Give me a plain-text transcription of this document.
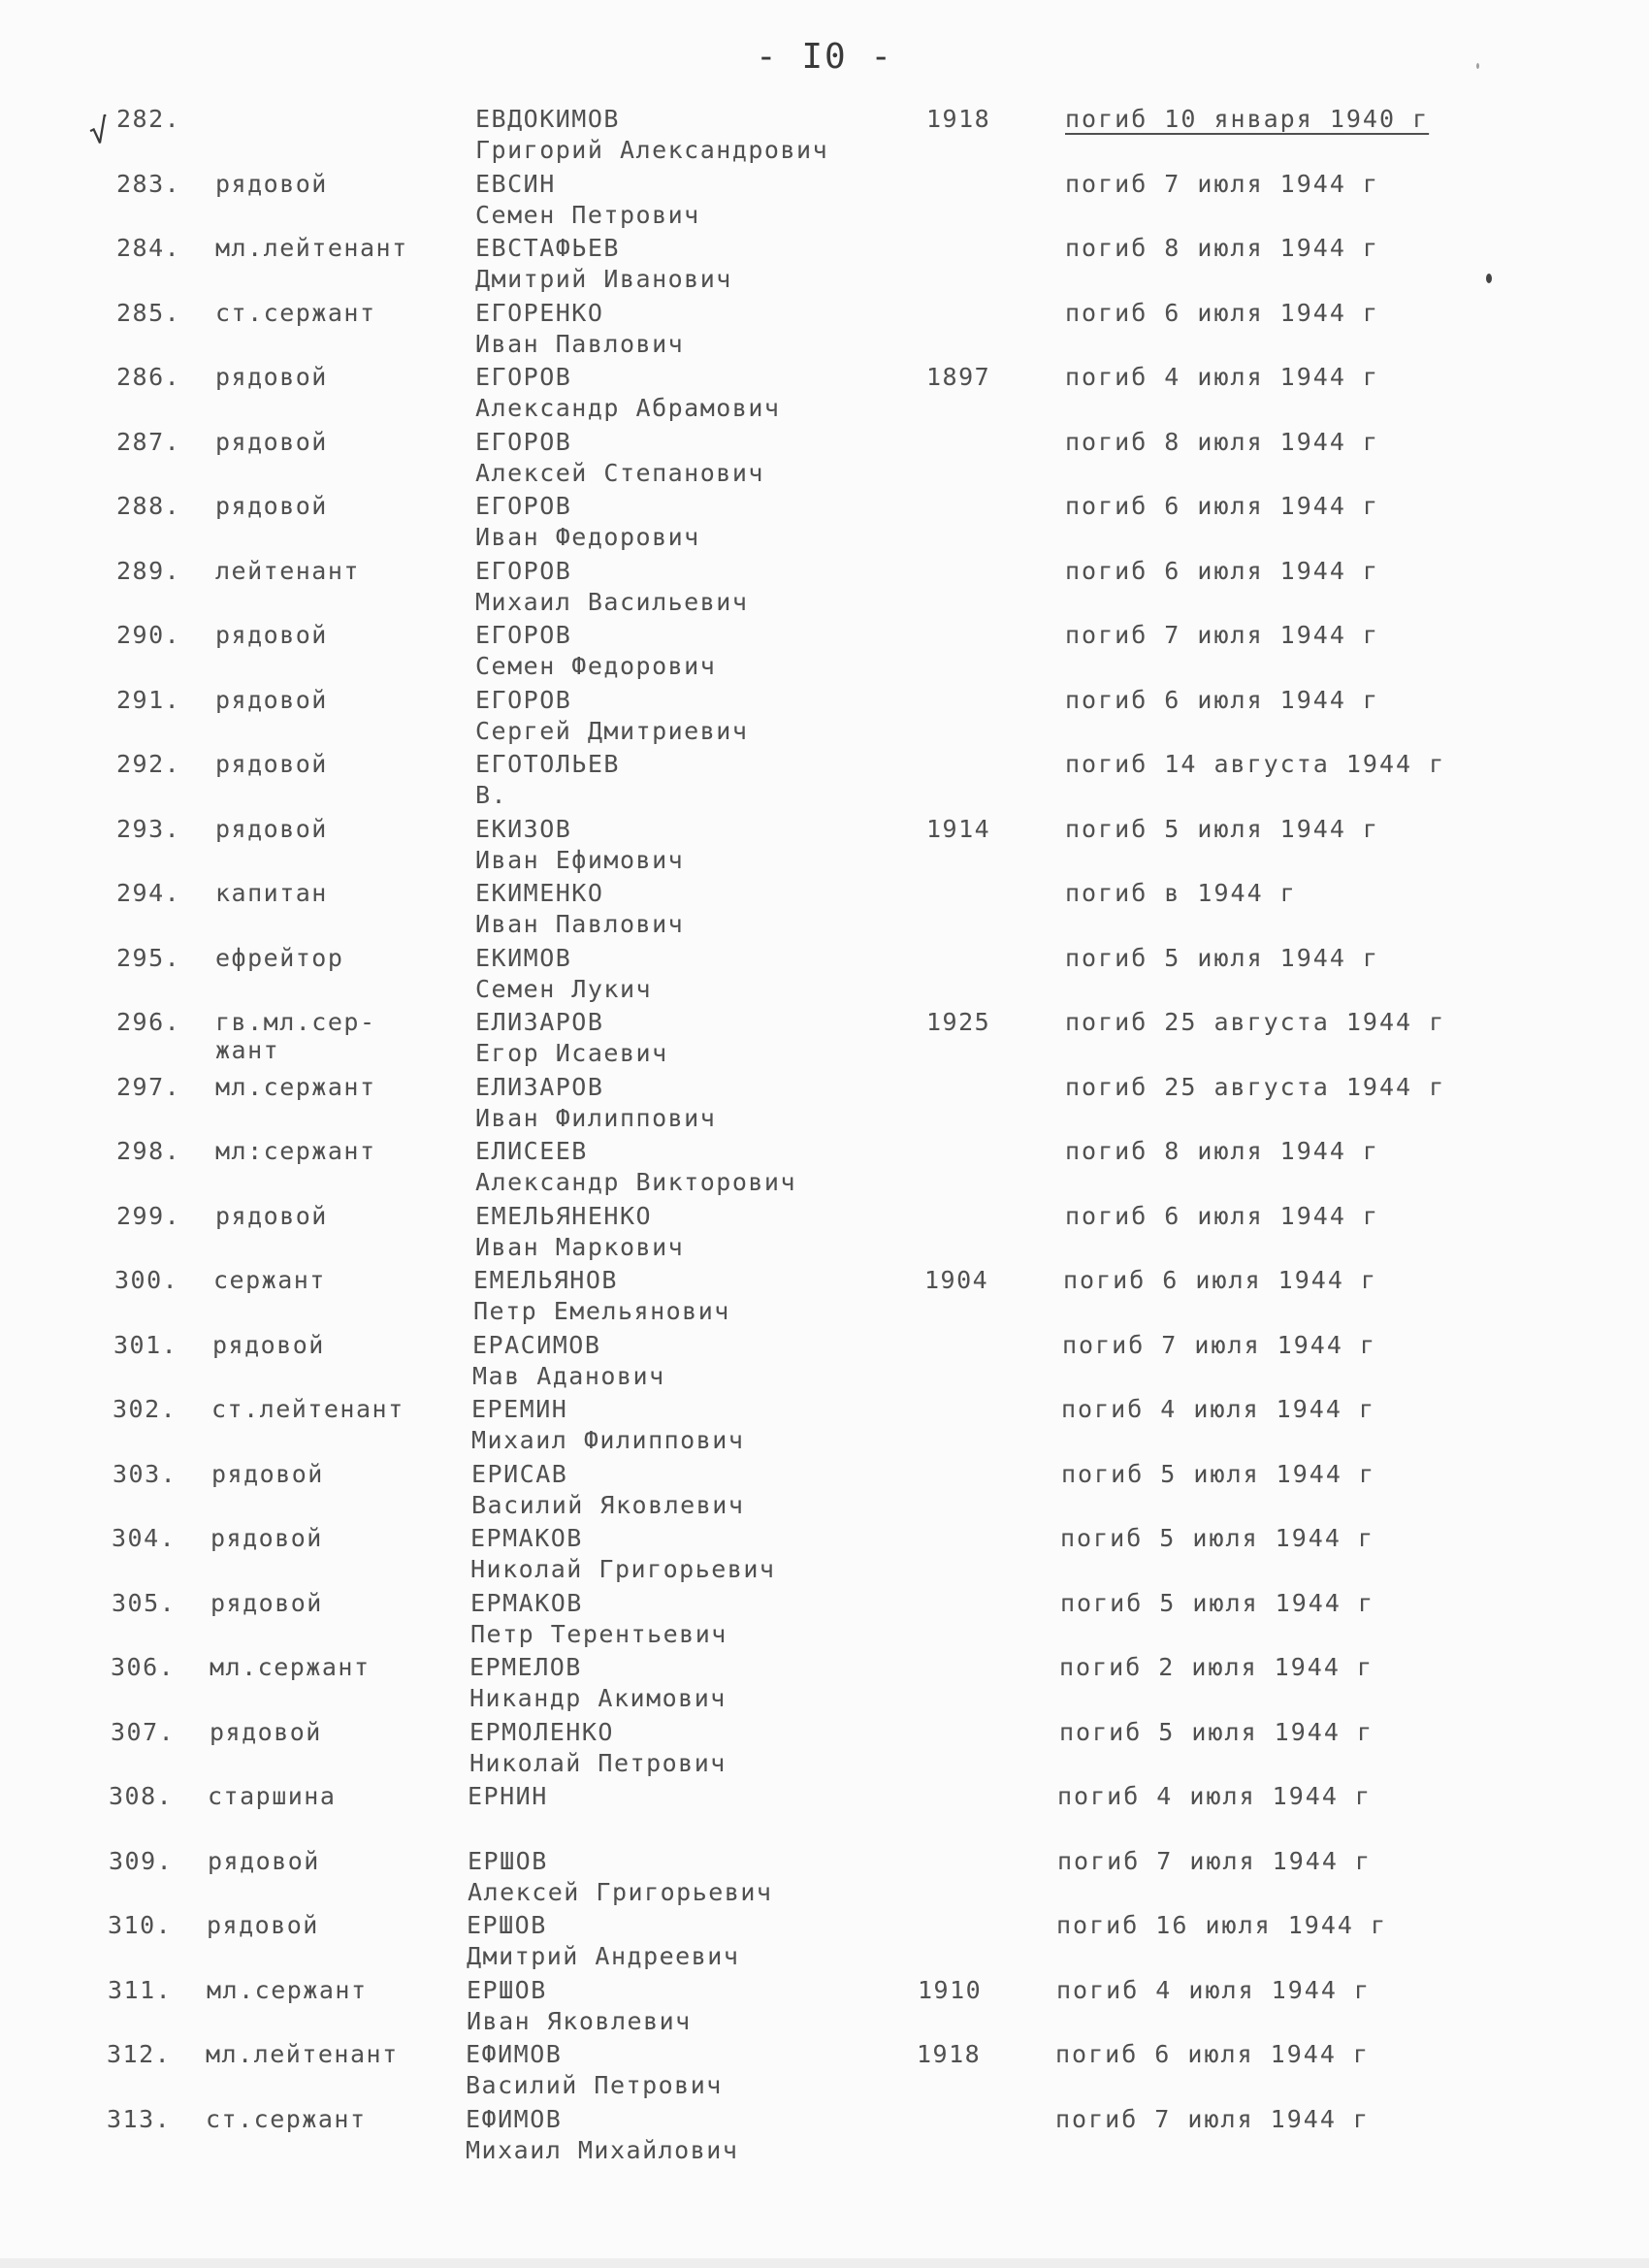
- I0 -
√ 282.	ЕВДОКИМОВ
Григорий Александрович
1918	погиб 10 января 1940 г
283. рядовой	ЕВСИН
Семен Петрович
погиб 7 июля 1944 г
284. мл.лейтенант	ЕВСТАФЬЕВ
Дмитрий Иванович
погиб 8 июля 1944 г
285. ст.сержант	ЕГОРЕНКО
Иван Павлович
погиб 6 июля 1944 г
286. рядовой	ЕГОРОВ
Александр Абрамович
1897	погиб 4 июля 1944 г
287. рядовой	ЕГОРОВ
Алексей Степанович
погиб 8 июля 1944 г
288. рядовой	ЕГОРОВ
Иван Федорович
погиб 6 июля 1944 г
289. лейтенант	ЕГОРОВ
Михаил Васильевич
погиб 6 июля 1944 г
290. рядовой	ЕГОРОВ
Семен Федорович
погиб 7 июля 1944 г
291. рядовой	ЕГОРОВ
Сергей Дмитриевич
погиб 6 июля 1944 г
292. рядовой	ЕГОТОЛЬЕВ
В.
погиб 14 августа 1944 г
293. рядовой	ЕКИЗОВ
Иван Ефимович
1914	погиб 5 июля 1944 г
294. капитан	ЕКИМЕНКО
Иван Павлович
погиб в 1944 г
295. ефрейтор	ЕКИМОВ
Семен Лукич
погиб 5 июля 1944 г
296. гв.мл.сер-
жант
ЕЛИЗАРОВ
Егор Исаевич
1925	погиб 25 августа 1944 г
297. мл.сержант	ЕЛИЗАРОВ
Иван Филиппович
погиб 25 августа 1944 г
298. мл:сержант	ЕЛИСЕЕВ
Александр Викторович
погиб 8 июля 1944 г
299. рядовой	ЕМЕЛЬЯНЕНКО
Иван Маркович
погиб 6 июля 1944 г
300. сержант	ЕМЕЛЬЯНОВ
Петр Емельянович
1904	погиб 6 июля 1944 г
301. рядовой	ЕРАСИМОВ
Мав Аданович
погиб 7 июля 1944 г
302. ст.лейтенант	ЕРЕМИН
Михаил Филиппович
погиб 4 июля 1944 г
303. рядовой	ЕРИСАВ
Василий Яковлевич
погиб 5 июля 1944 г
304. рядовой	ЕРМАКОВ
Николай Григорьевич
погиб 5 июля 1944 г
305. рядовой	ЕРМАКОВ
Петр Терентьевич
погиб 5 июля 1944 г
306. мл.сержант	ЕРМЕЛОВ
Никандр Акимович
погиб 2 июля 1944 г
307. рядовой	ЕРМОЛЕНКО
Николай Петрович
погиб 5 июля 1944 г
308. старшина	ЕРНИН	погиб 4 июля 1944 г
309. рядовой	ЕРШОВ
Алексей Григорьевич
погиб 7 июля 1944 г
310. рядовой	ЕРШОВ
Дмитрий Андреевич
погиб 16 июля 1944 г
311. мл.сержант	ЕРШОВ
Иван Яковлевич
1910	погиб 4 июля 1944 г
312. мл.лейтенант	ЕФИМОВ
Василий Петрович
1918	погиб 6 июля 1944 г
313. ст.сержант	ЕФИМОВ
Михаил Михайлович
погиб 7 июля 1944 г
